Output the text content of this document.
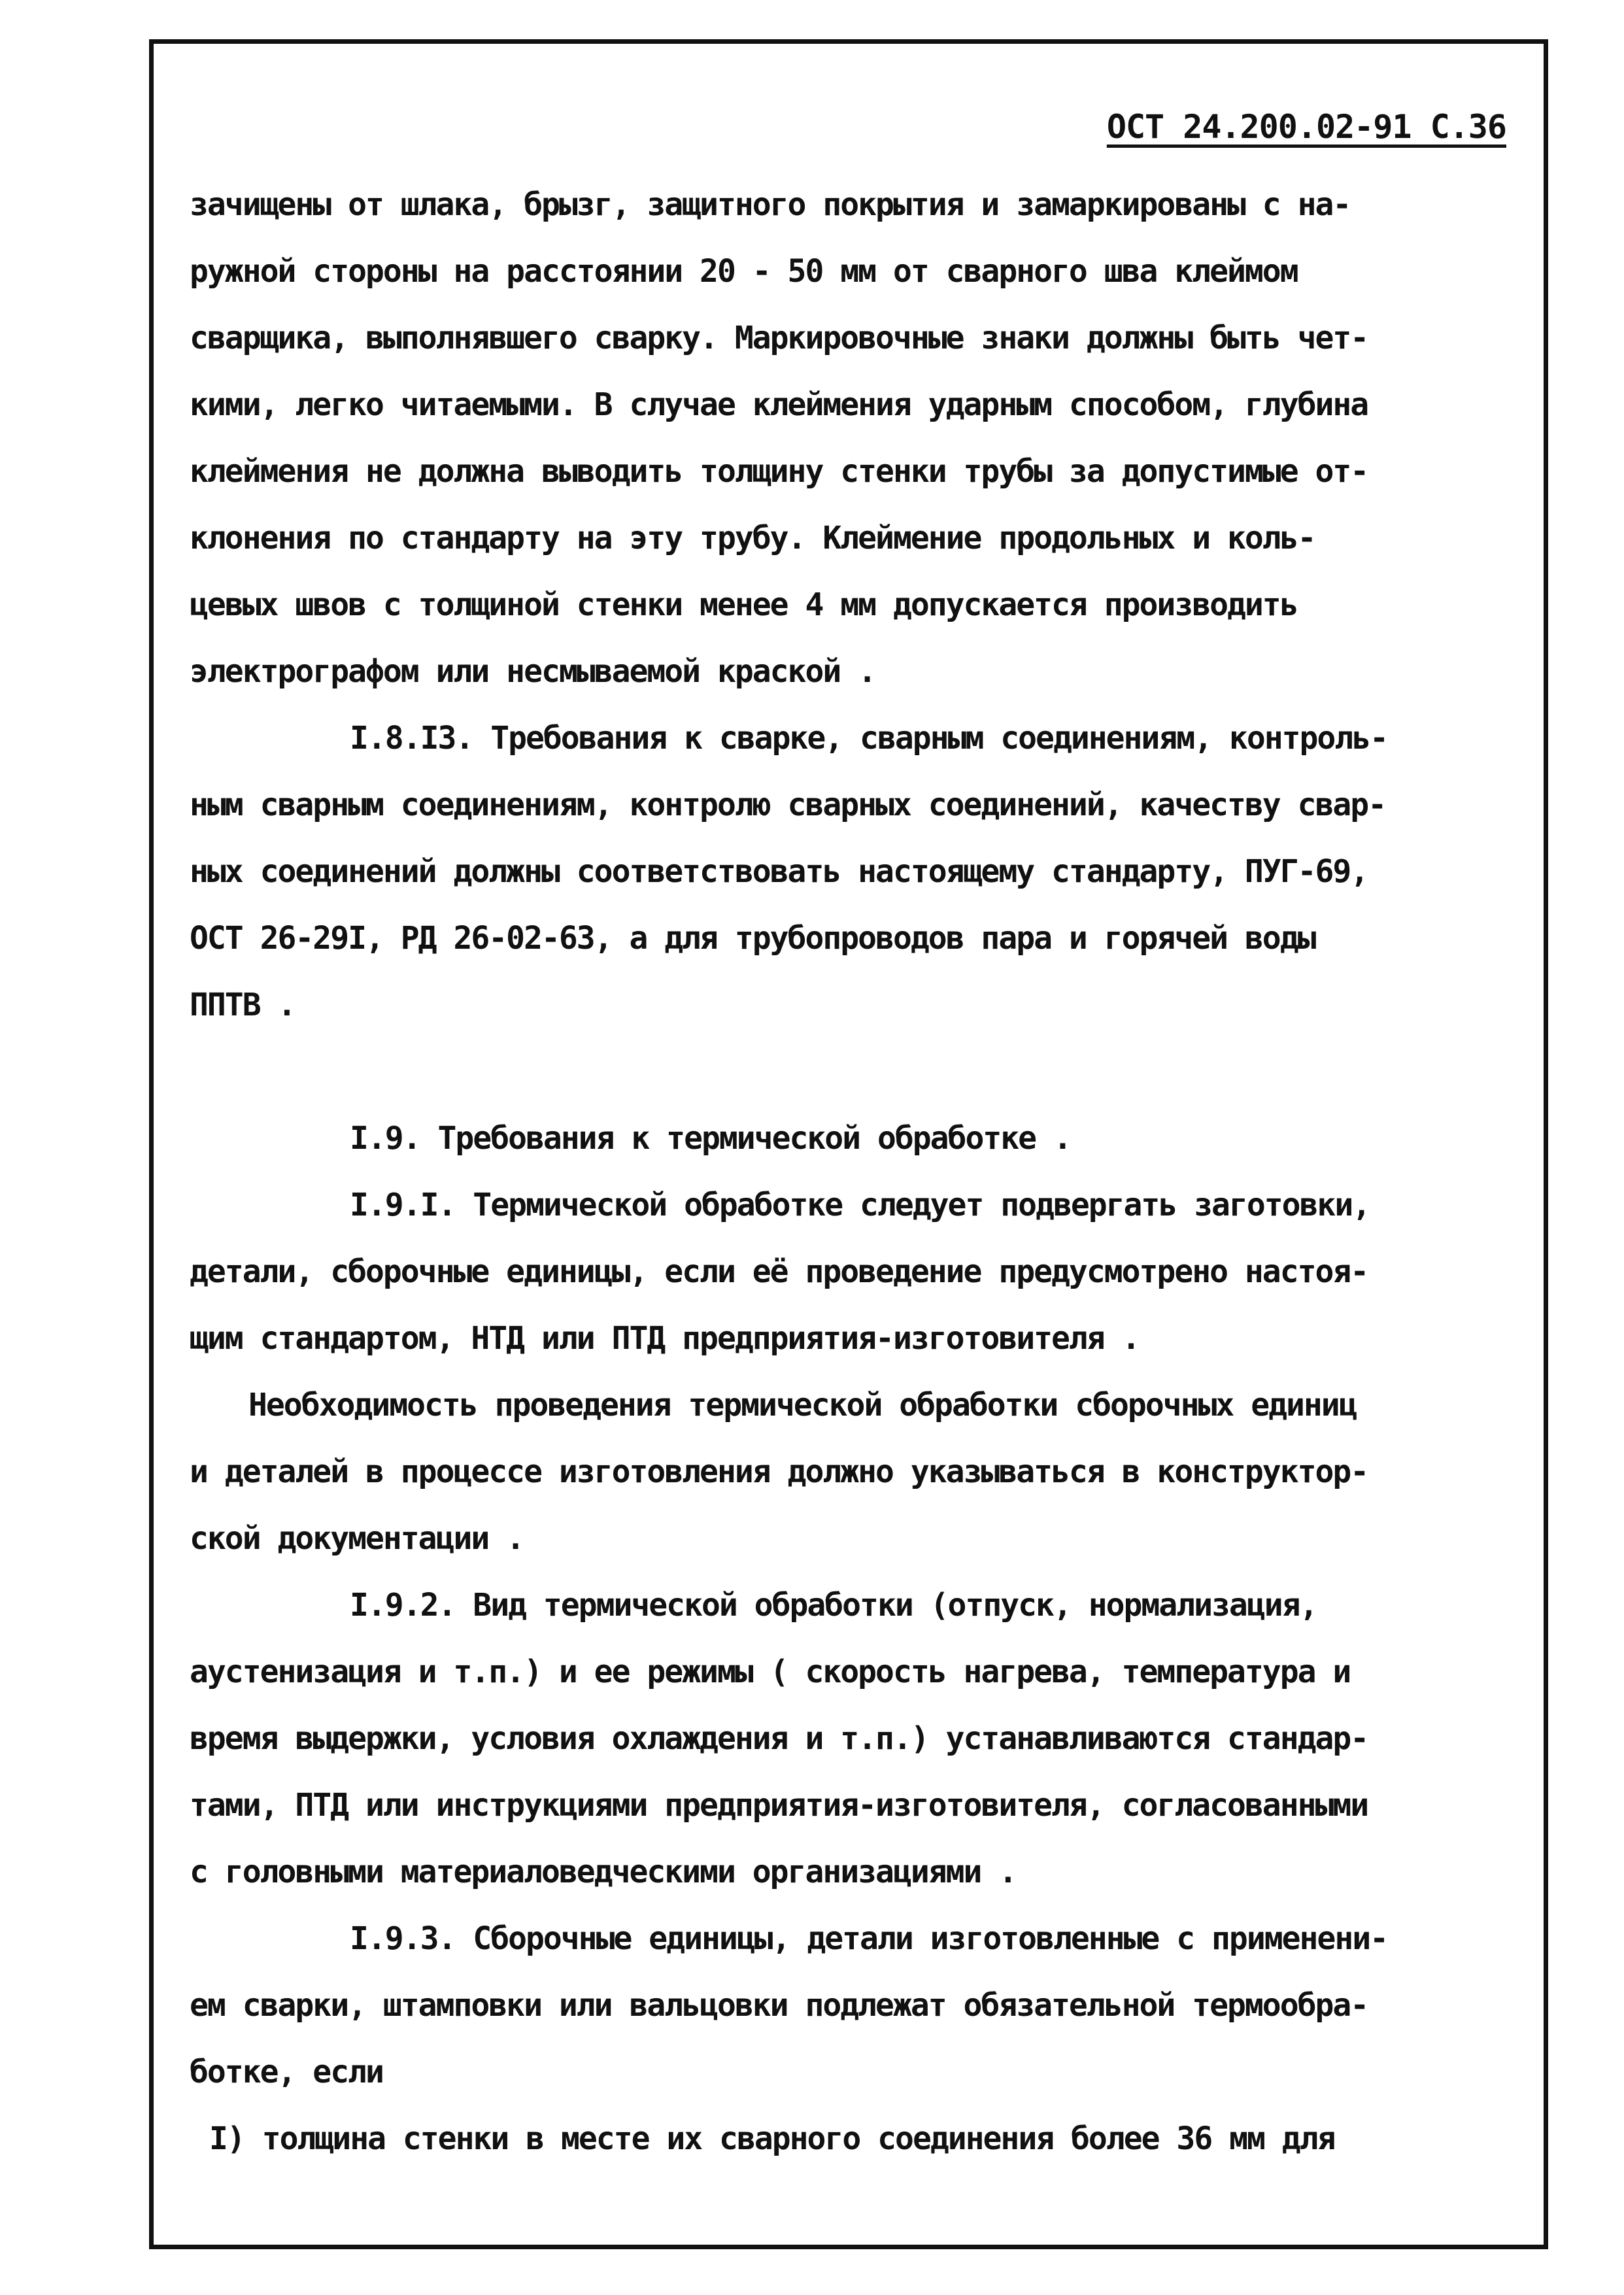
ОСТ 24.200.02-91 С.36
зачищены от шлака, брызг, защитного покрытия и замаркированы с на-
ружной стороны на расстоянии 20 - 50 мм от сварного шва клеймом
сварщика, выполнявшего сварку. Маркировочные знаки должны быть чет-
кими, легко читаемыми. В случае клеймения ударным способом, глубина
клеймения не должна выводить толщину стенки трубы за допустимые от-
клонения по стандарту на эту трубу. Клеймение продольных и коль-
цевых швов с толщиной стенки менее 4 мм допускается производить
электрографом или несмываемой краской .
I.8.I3. Требования к сварке, сварным соединениям, контроль-
ным сварным соединениям, контролю сварных соединений, качеству свар-
ных соединений должны соответствовать настоящему стандарту, ПУГ-69,
ОСТ 26-29I, РД 26-02-63, а для трубопроводов пара и горячей воды
ППТВ .
I.9. Требования к термической обработке .
I.9.I. Термической обработке следует подвергать заготовки,
детали, сборочные единицы, если её проведение предусмотрено настоя-
щим стандартом, НТД или ПТД предприятия-изготовителя .
Необходимость проведения термической обработки сборочных единиц
и деталей в процессе изготовления должно указываться в конструктор-
ской документации .
I.9.2. Вид термической обработки (отпуск, нормализация,
аустенизация и т.п.) и ее режимы ( скорость нагрева, температура и
время выдержки, условия охлаждения и т.п.) устанавливаются стандар-
тами, ПТД или инструкциями предприятия-изготовителя, согласованными
с головными материаловедческими организациями .
I.9.3. Сборочные единицы, детали изготовленные с применени-
ем сварки, штамповки или вальцовки подлежат обязательной термообра-
ботке, если
I) толщина стенки в месте их сварного соединения более 36 мм для
